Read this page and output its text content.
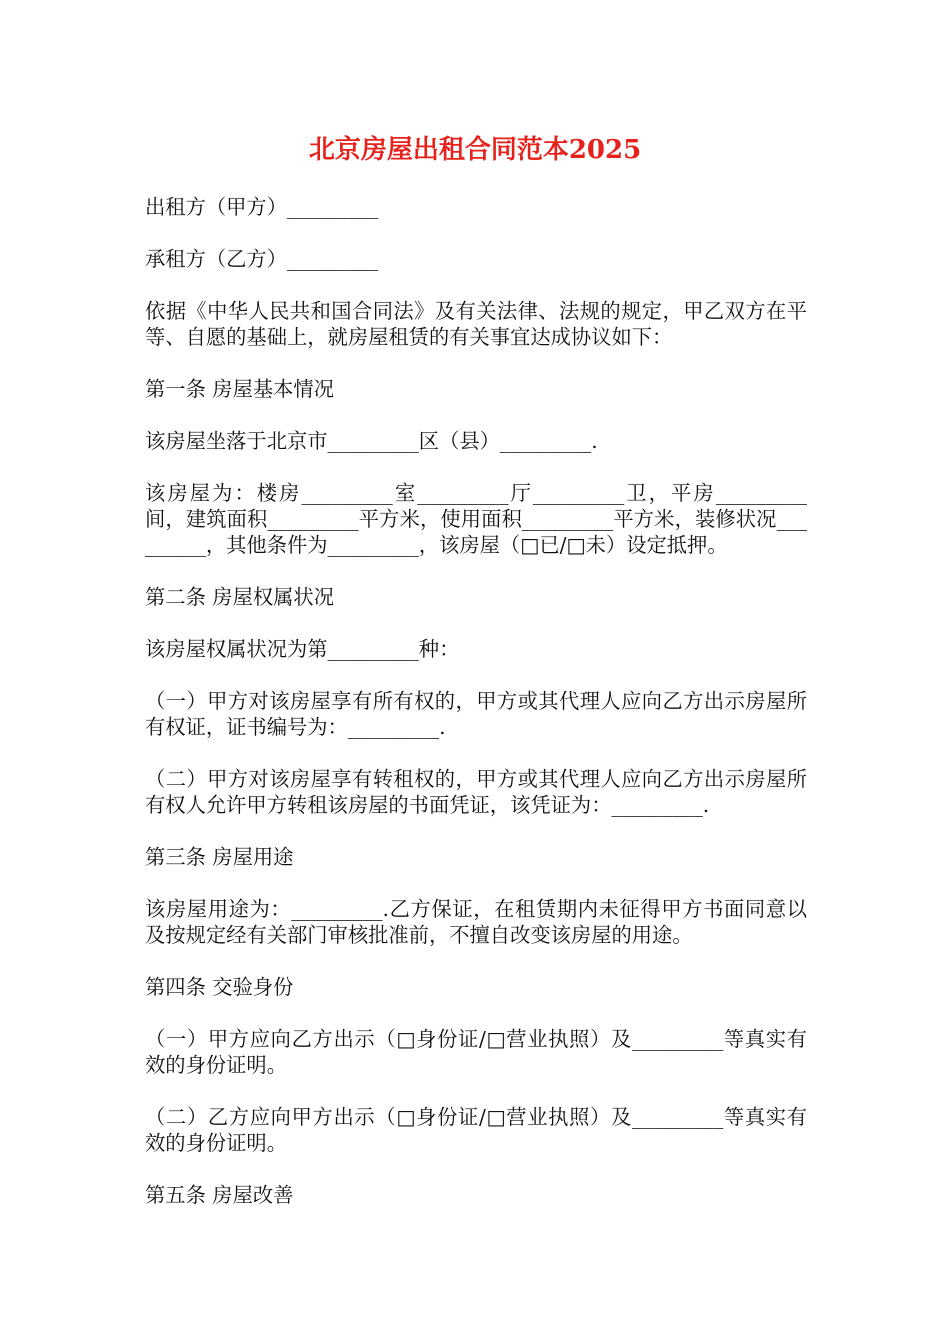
北京房屋出租合同范本2025

出租方（甲方）_________

承租方（乙方）_________

依据《中华人民共和国合同法》及有关法律、法规的规定，甲乙双方在平等、自愿的基础上，就房屋租赁的有关事宜达成协议如下：

第一条 房屋基本情况

该房屋坐落于北京市_________区（县）_________.

该房屋为：楼房_________室_________厅_________卫，平房_________间，建筑面积_________平方米，使用面积_________平方米，装修状况_________，其他条件为_________，该房屋（□已/□未）设定抵押。

第二条 房屋权属状况

该房屋权属状况为第_________种：

（一）甲方对该房屋享有所有权的，甲方或其代理人应向乙方出示房屋所有权证，证书编号为：_________.

（二）甲方对该房屋享有转租权的，甲方或其代理人应向乙方出示房屋所有权人允许甲方转租该房屋的书面凭证，该凭证为：_________.

第三条 房屋用途

该房屋用途为：_________.乙方保证，在租赁期内未征得甲方书面同意以及按规定经有关部门审核批准前，不擅自改变该房屋的用途。

第四条 交验身份

（一）甲方应向乙方出示（□身份证/□营业执照）及_________等真实有效的身份证明。

（二）乙方应向甲方出示（□身份证/□营业执照）及_________等真实有效的身份证明。

第五条 房屋改善
